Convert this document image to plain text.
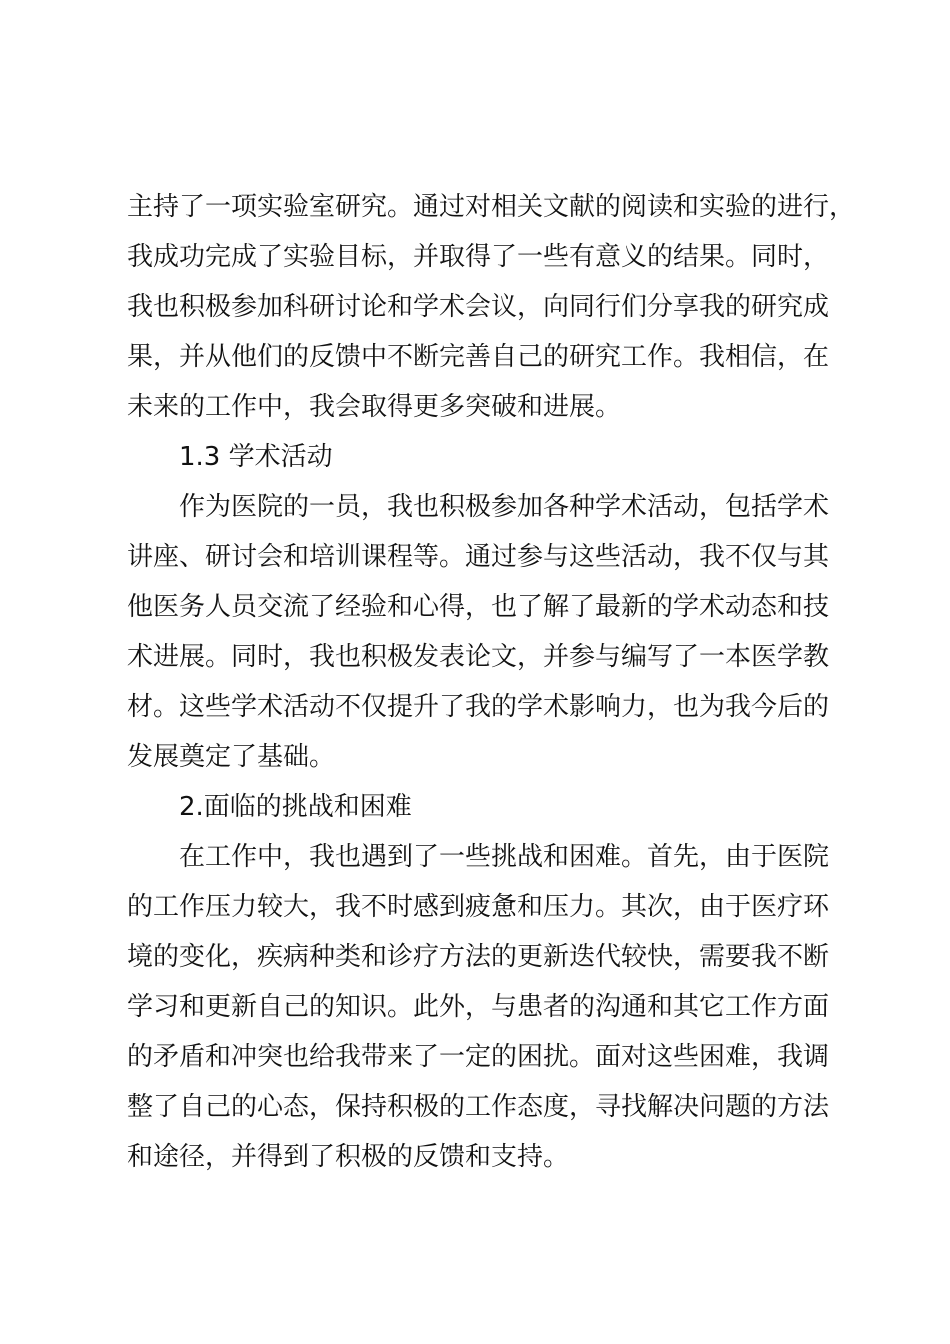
主持了一项实验室研究。通过对相关文献的阅读和实验的进行，
我成功完成了实验目标，并取得了一些有意义的结果。同时，
我也积极参加科研讨论和学术会议，向同行们分享我的研究成
果，并从他们的反馈中不断完善自己的研究工作。我相信，在
未来的工作中，我会取得更多突破和进展。
1.3 学术活动
作为医院的一员，我也积极参加各种学术活动，包括学术
讲座、研讨会和培训课程等。通过参与这些活动，我不仅与其
他医务人员交流了经验和心得，也了解了最新的学术动态和技
术进展。同时，我也积极发表论文，并参与编写了一本医学教
材。这些学术活动不仅提升了我的学术影响力，也为我今后的
发展奠定了基础。
2.面临的挑战和困难
在工作中，我也遇到了一些挑战和困难。首先，由于医院
的工作压力较大，我不时感到疲惫和压力。其次，由于医疗环
境的变化，疾病种类和诊疗方法的更新迭代较快，需要我不断
学习和更新自己的知识。此外，与患者的沟通和其它工作方面
的矛盾和冲突也给我带来了一定的困扰。面对这些困难，我调
整了自己的心态，保持积极的工作态度，寻找解决问题的方法
和途径，并得到了积极的反馈和支持。
